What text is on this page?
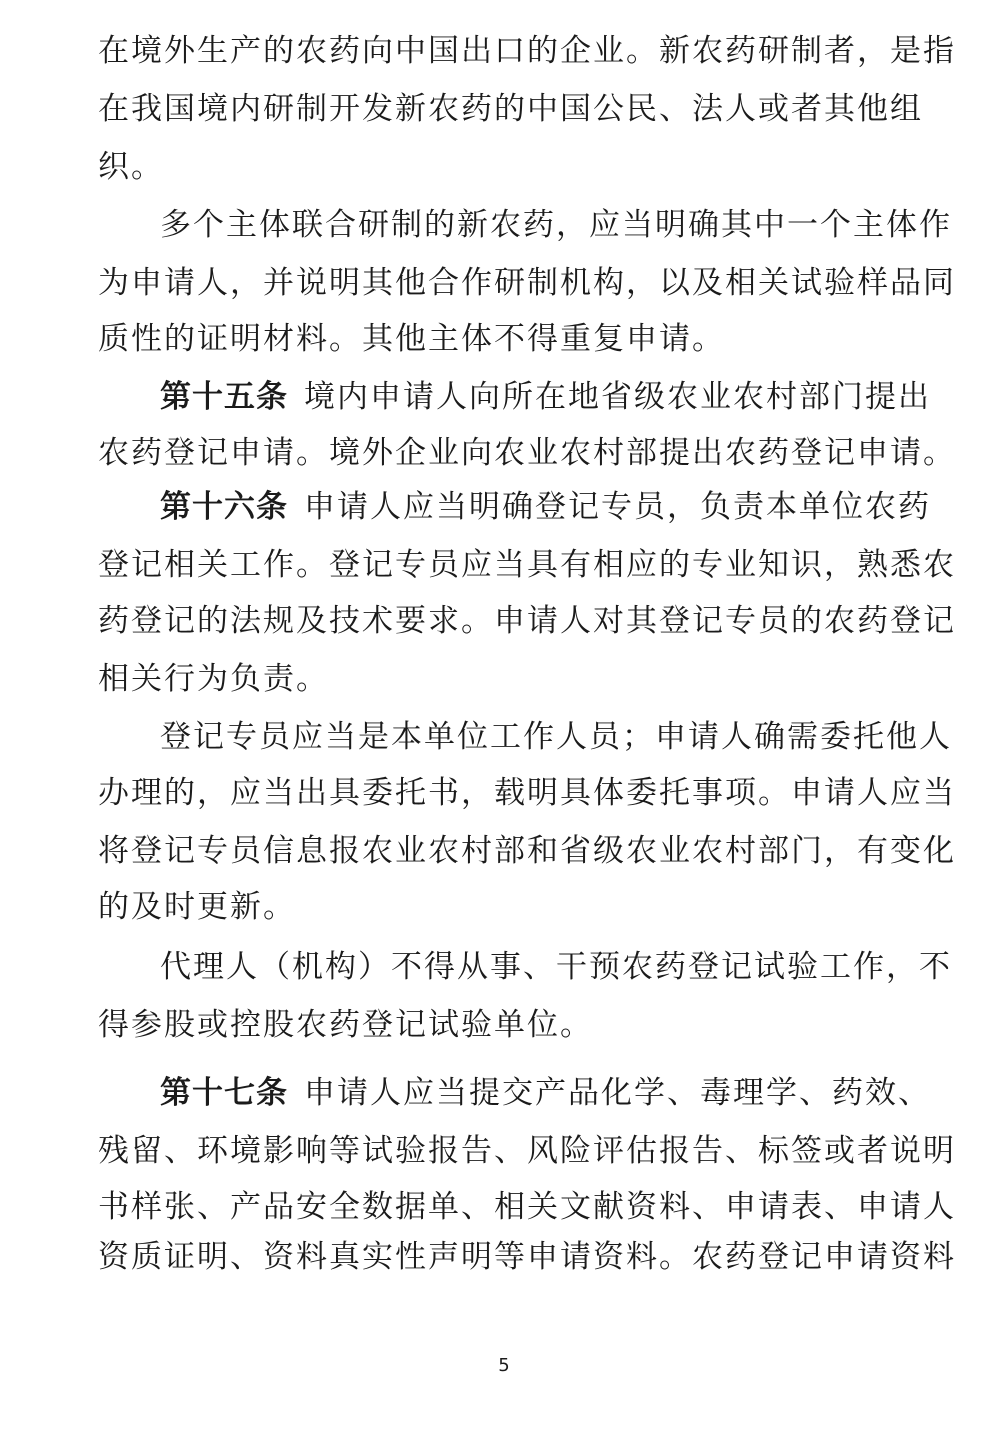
在境外生产的农药向中国出口的企业。新农药研制者，是指
在我国境内研制开发新农药的中国公民、法人或者其他组
织。
多个主体联合研制的新农药，应当明确其中一个主体作
为申请人，并说明其他合作研制机构，以及相关试验样品同
质性的证明材料。其他主体不得重复申请。
第十五条 境内申请人向所在地省级农业农村部门提出
农药登记申请。境外企业向农业农村部提出农药登记申请。
第十六条 申请人应当明确登记专员，负责本单位农药
登记相关工作。登记专员应当具有相应的专业知识，熟悉农
药登记的法规及技术要求。申请人对其登记专员的农药登记
相关行为负责。
登记专员应当是本单位工作人员；申请人确需委托他人
办理的，应当出具委托书，载明具体委托事项。申请人应当
将登记专员信息报农业农村部和省级农业农村部门，有变化
的及时更新。
代理人（机构）不得从事、干预农药登记试验工作，不
得参股或控股农药登记试验单位。
第十七条 申请人应当提交产品化学、毒理学、药效、
残留、环境影响等试验报告、风险评估报告、标签或者说明
书样张、产品安全数据单、相关文献资料、申请表、申请人
资质证明、资料真实性声明等申请资料。农药登记申请资料
5
